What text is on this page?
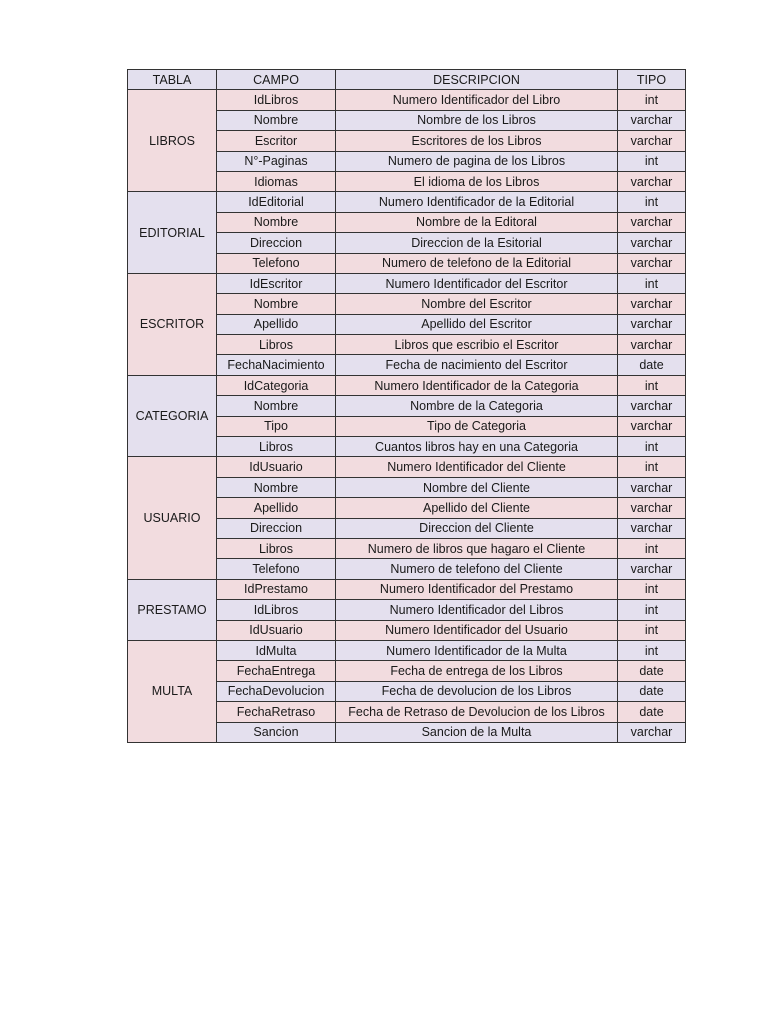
TABLA	CAMPO	DESCRIPCION	TIPO
LIBROS	IdLibros	Numero Identificador del Libro	int
	Nombre	Nombre de los Libros	varchar
	Escritor	Escritores de los Libros	varchar
	N°-Paginas	Numero de pagina de los Libros	int
	Idiomas	El idioma de los Libros	varchar
EDITORIAL	IdEditorial	Numero Identificador de la Editorial	int
	Nombre	Nombre de la Editoral	varchar
	Direccion	Direccion de la Esitorial	varchar
	Telefono	Numero de telefono de la Editorial	varchar
ESCRITOR	IdEscritor	Numero Identificador del Escritor	int
	Nombre	Nombre del Escritor	varchar
	Apellido	Apellido del Escritor	varchar
	Libros	Libros que escribio el Escritor	varchar
	FechaNacimiento	Fecha de nacimiento del Escritor	date
CATEGORIA	IdCategoria	Numero Identificador de la Categoria	int
	Nombre	Nombre de la Categoria	varchar
	Tipo	Tipo de Categoria	varchar
	Libros	Cuantos libros hay en una Categoria	int
USUARIO	IdUsuario	Numero Identificador del Cliente	int
	Nombre	Nombre del Cliente	varchar
	Apellido	Apellido del Cliente	varchar
	Direccion	Direccion del Cliente	varchar
	Libros	Numero de libros que hagaro el Cliente	int
	Telefono	Numero de telefono del Cliente	varchar
PRESTAMO	IdPrestamo	Numero Identificador del Prestamo	int
	IdLibros	Numero Identificador del Libros	int
	IdUsuario	Numero Identificador del Usuario	int
MULTA	IdMulta	Numero Identificador de la Multa	int
	FechaEntrega	Fecha de entrega de los Libros	date
	FechaDevolucion	Fecha de devolucion de los Libros	date
	FechaRetraso	Fecha de Retraso de Devolucion de los Libros	date
	Sancion	Sancion de la Multa	varchar
